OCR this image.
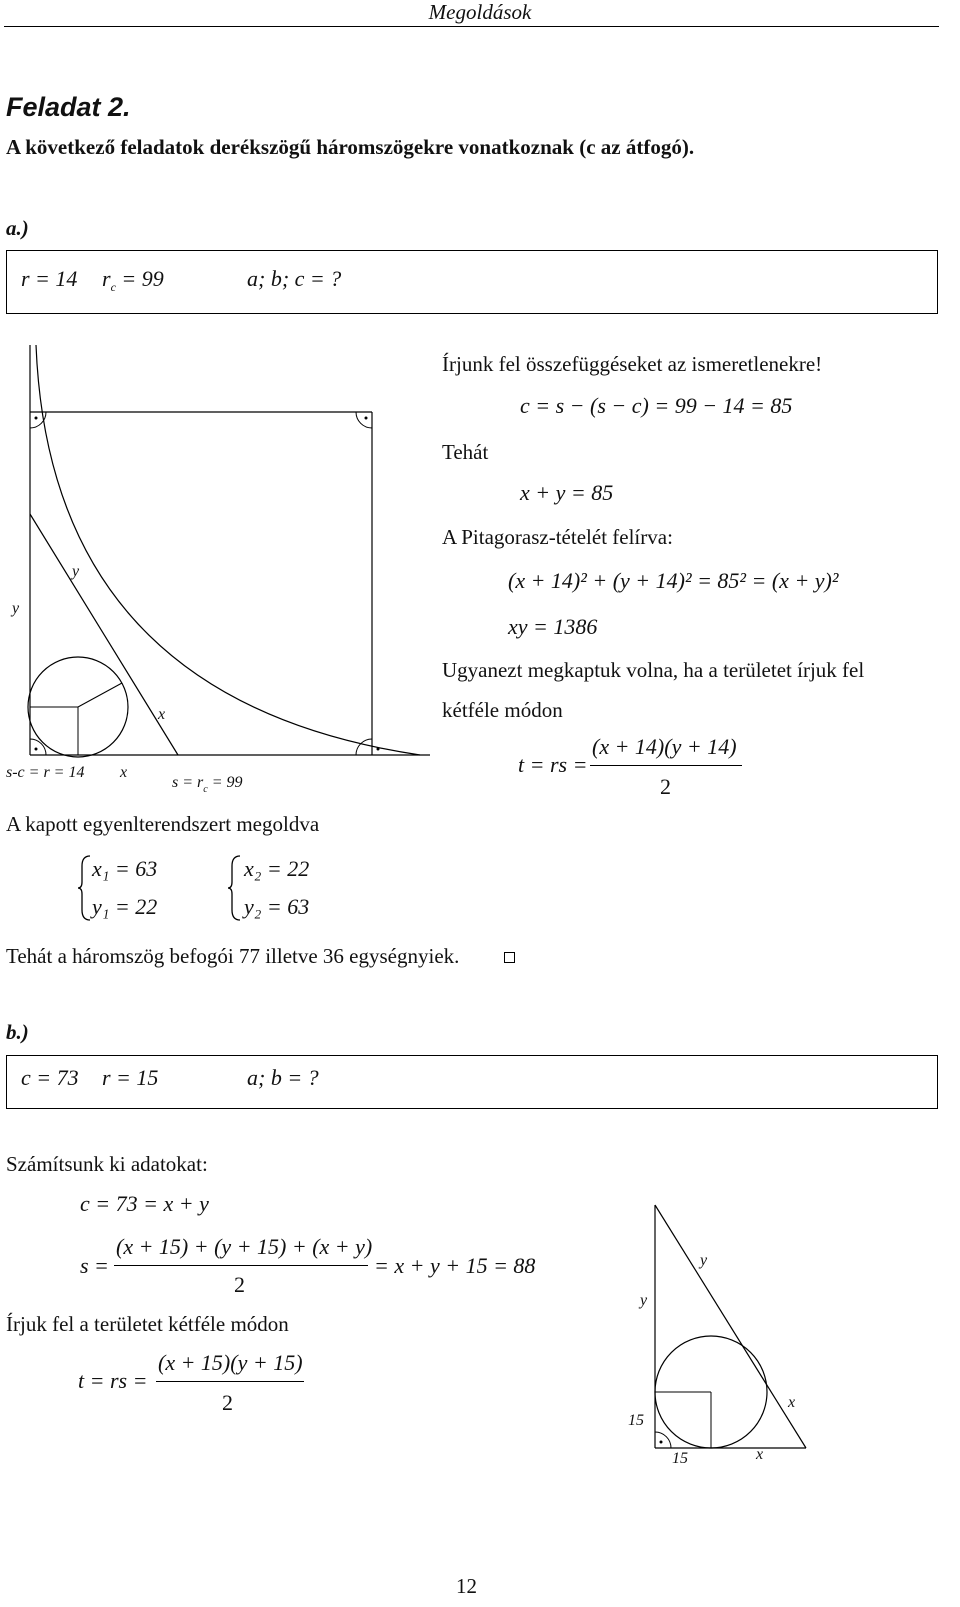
Megoldások
Feladat 2.
A következő feladatok derékszögű háromszögekre vonatkoznak (c az átfogó).
a.)
r = 14 $r_c = 99$	a; b; c = ?
y
y
x
s-c = r = 14 x
$s = r_c = 99$
Írjunk fel összefüggéseket az ismeretlenekre!
c = s − (s − c) = 99 − 14 = 85
Tehát
x + y = 85
A Pitagorasz-tételét felírva:
(x + 14)² + (y + 14)² = 85² = (x + y)²
xy = 1386
Ugyanezt megkaptuk volna, ha a területet írjuk fel
kétféle módon
t = rs =
(x + 14)(y + 14)
2
A kapott egyenlterendszert megoldva
x₁ = 63
y₁ = 22
x₂ = 22
y₂ = 63
Tehát a háromszög befogói 77 illetve 36 egységnyiek.
b.)
c = 73 r = 15	a; b = ?
Számítsunk ki adatokat:
c = 73 = x + y
s =
(x + 15) + (y + 15) + (x + y)
2
= x + y + 15 = 88
Írjuk fel a területet kétféle módon
t = rs =
(x + 15)(y + 15)
2
y
y
x
15
15	x
12
